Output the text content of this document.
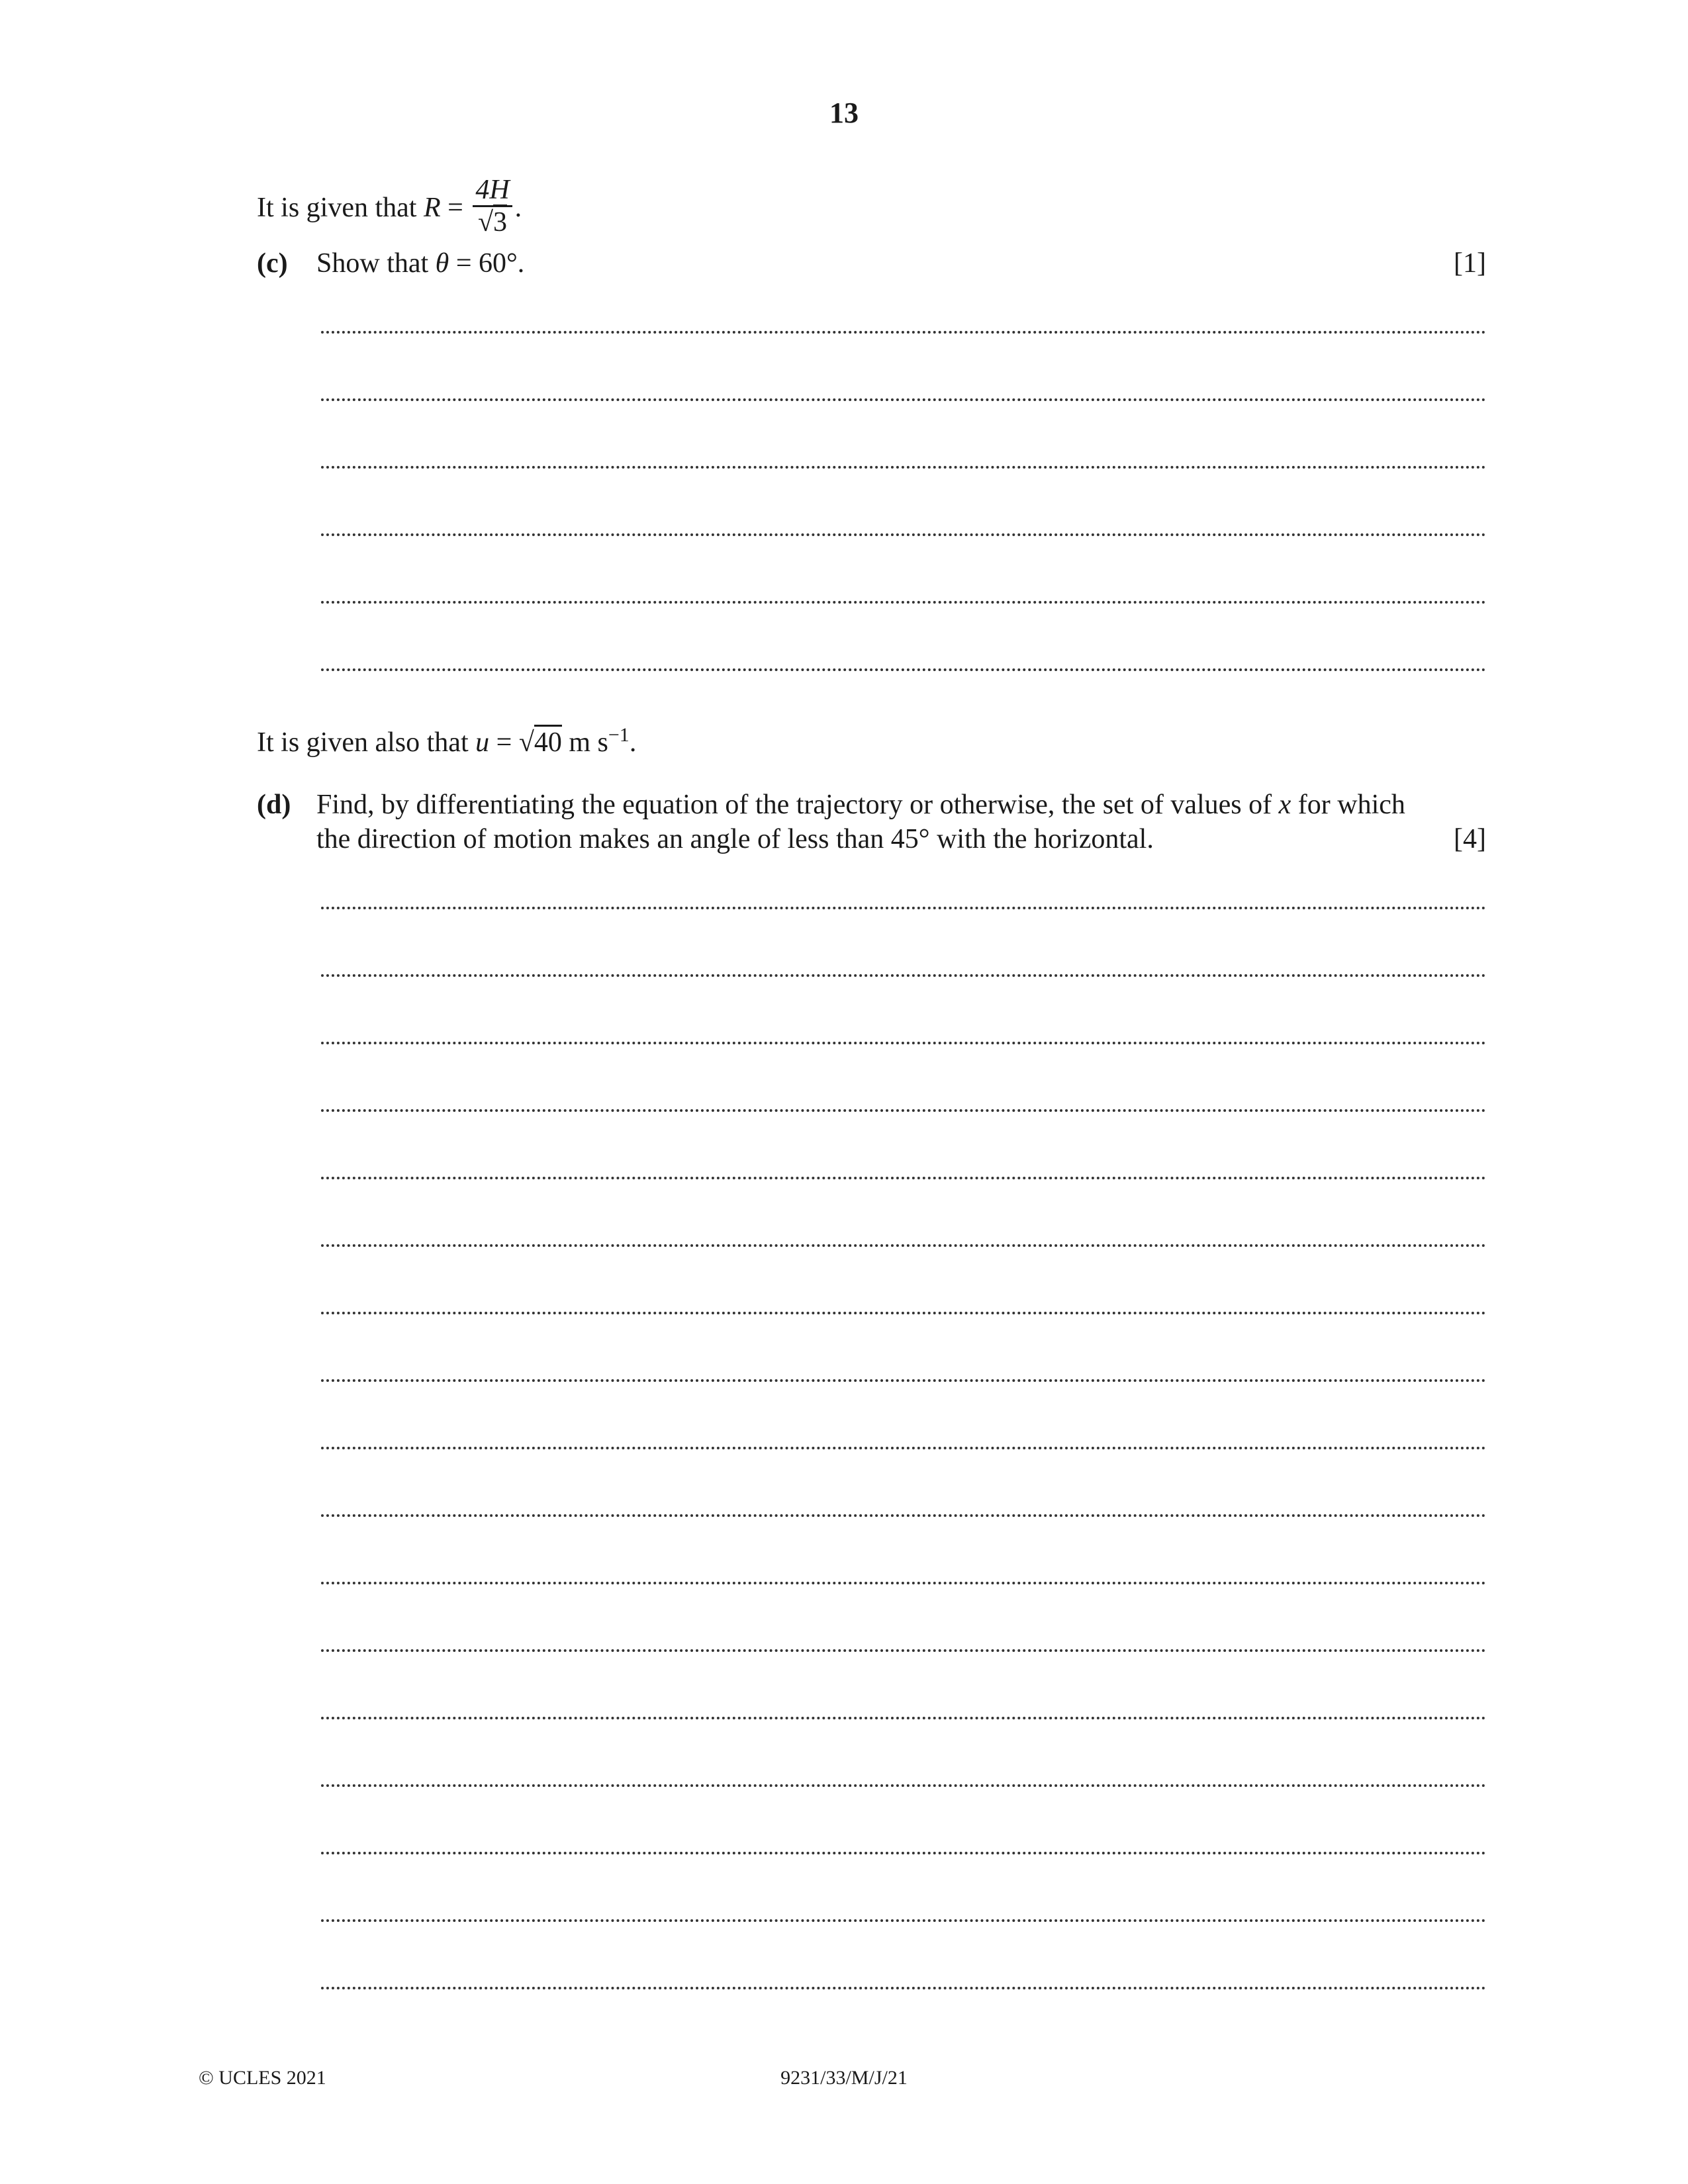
13
It is given that $R = \frac{4H}{√3}$ .
(c) Show that θ = 60°.	[1]
It is given also that u = √40 m $s^{-1}$.
(d) Find, by differentiating the equation of the trajectory or otherwise, the set of values of x for which
the direction of motion makes an angle of less than 45° with the horizontal.	[4]
© UCLES 2021	9231/33/M/J/21
